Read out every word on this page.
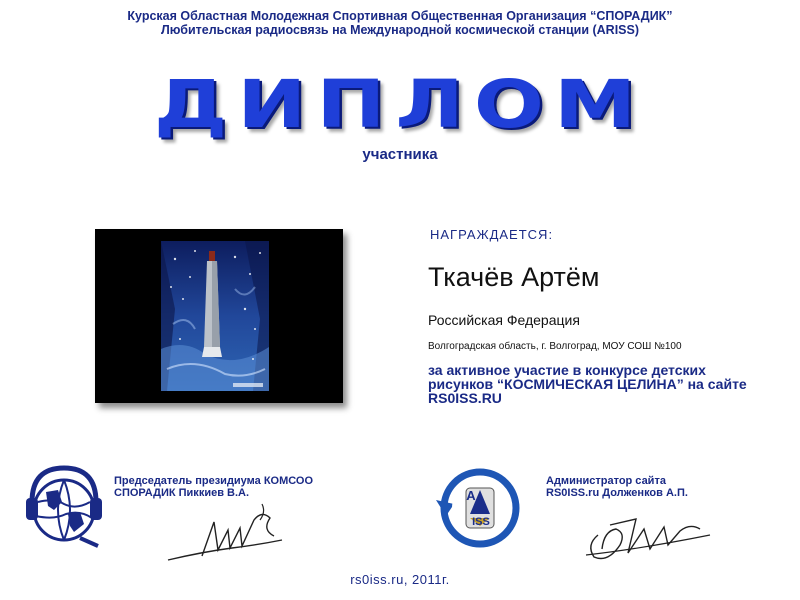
Курская Областная Молодежная Спортивная Общественная Организация “СПОРАДИК”
Любительская радиосвязь на Международной космической станции (ARISS)
ДИПЛОМ
участника
НАГРАЖДАЕТСЯ:
Ткачёв Артём
Российская Федерация
Волгоградская область, г. Волгоград, МОУ СОШ №100
за активное участие в конкурсе детских рисунков “КОСМИЧЕСКАЯ ЦЕЛИНА” на сайте RS0ISS.RU
Председатель президиума КОМСОО
СПОРАДИК Пиккиев В.А.	A
ISS
Администратор сайта
RS0ISS.ru Долженков А.П.
rs0iss.ru, 2011г.
